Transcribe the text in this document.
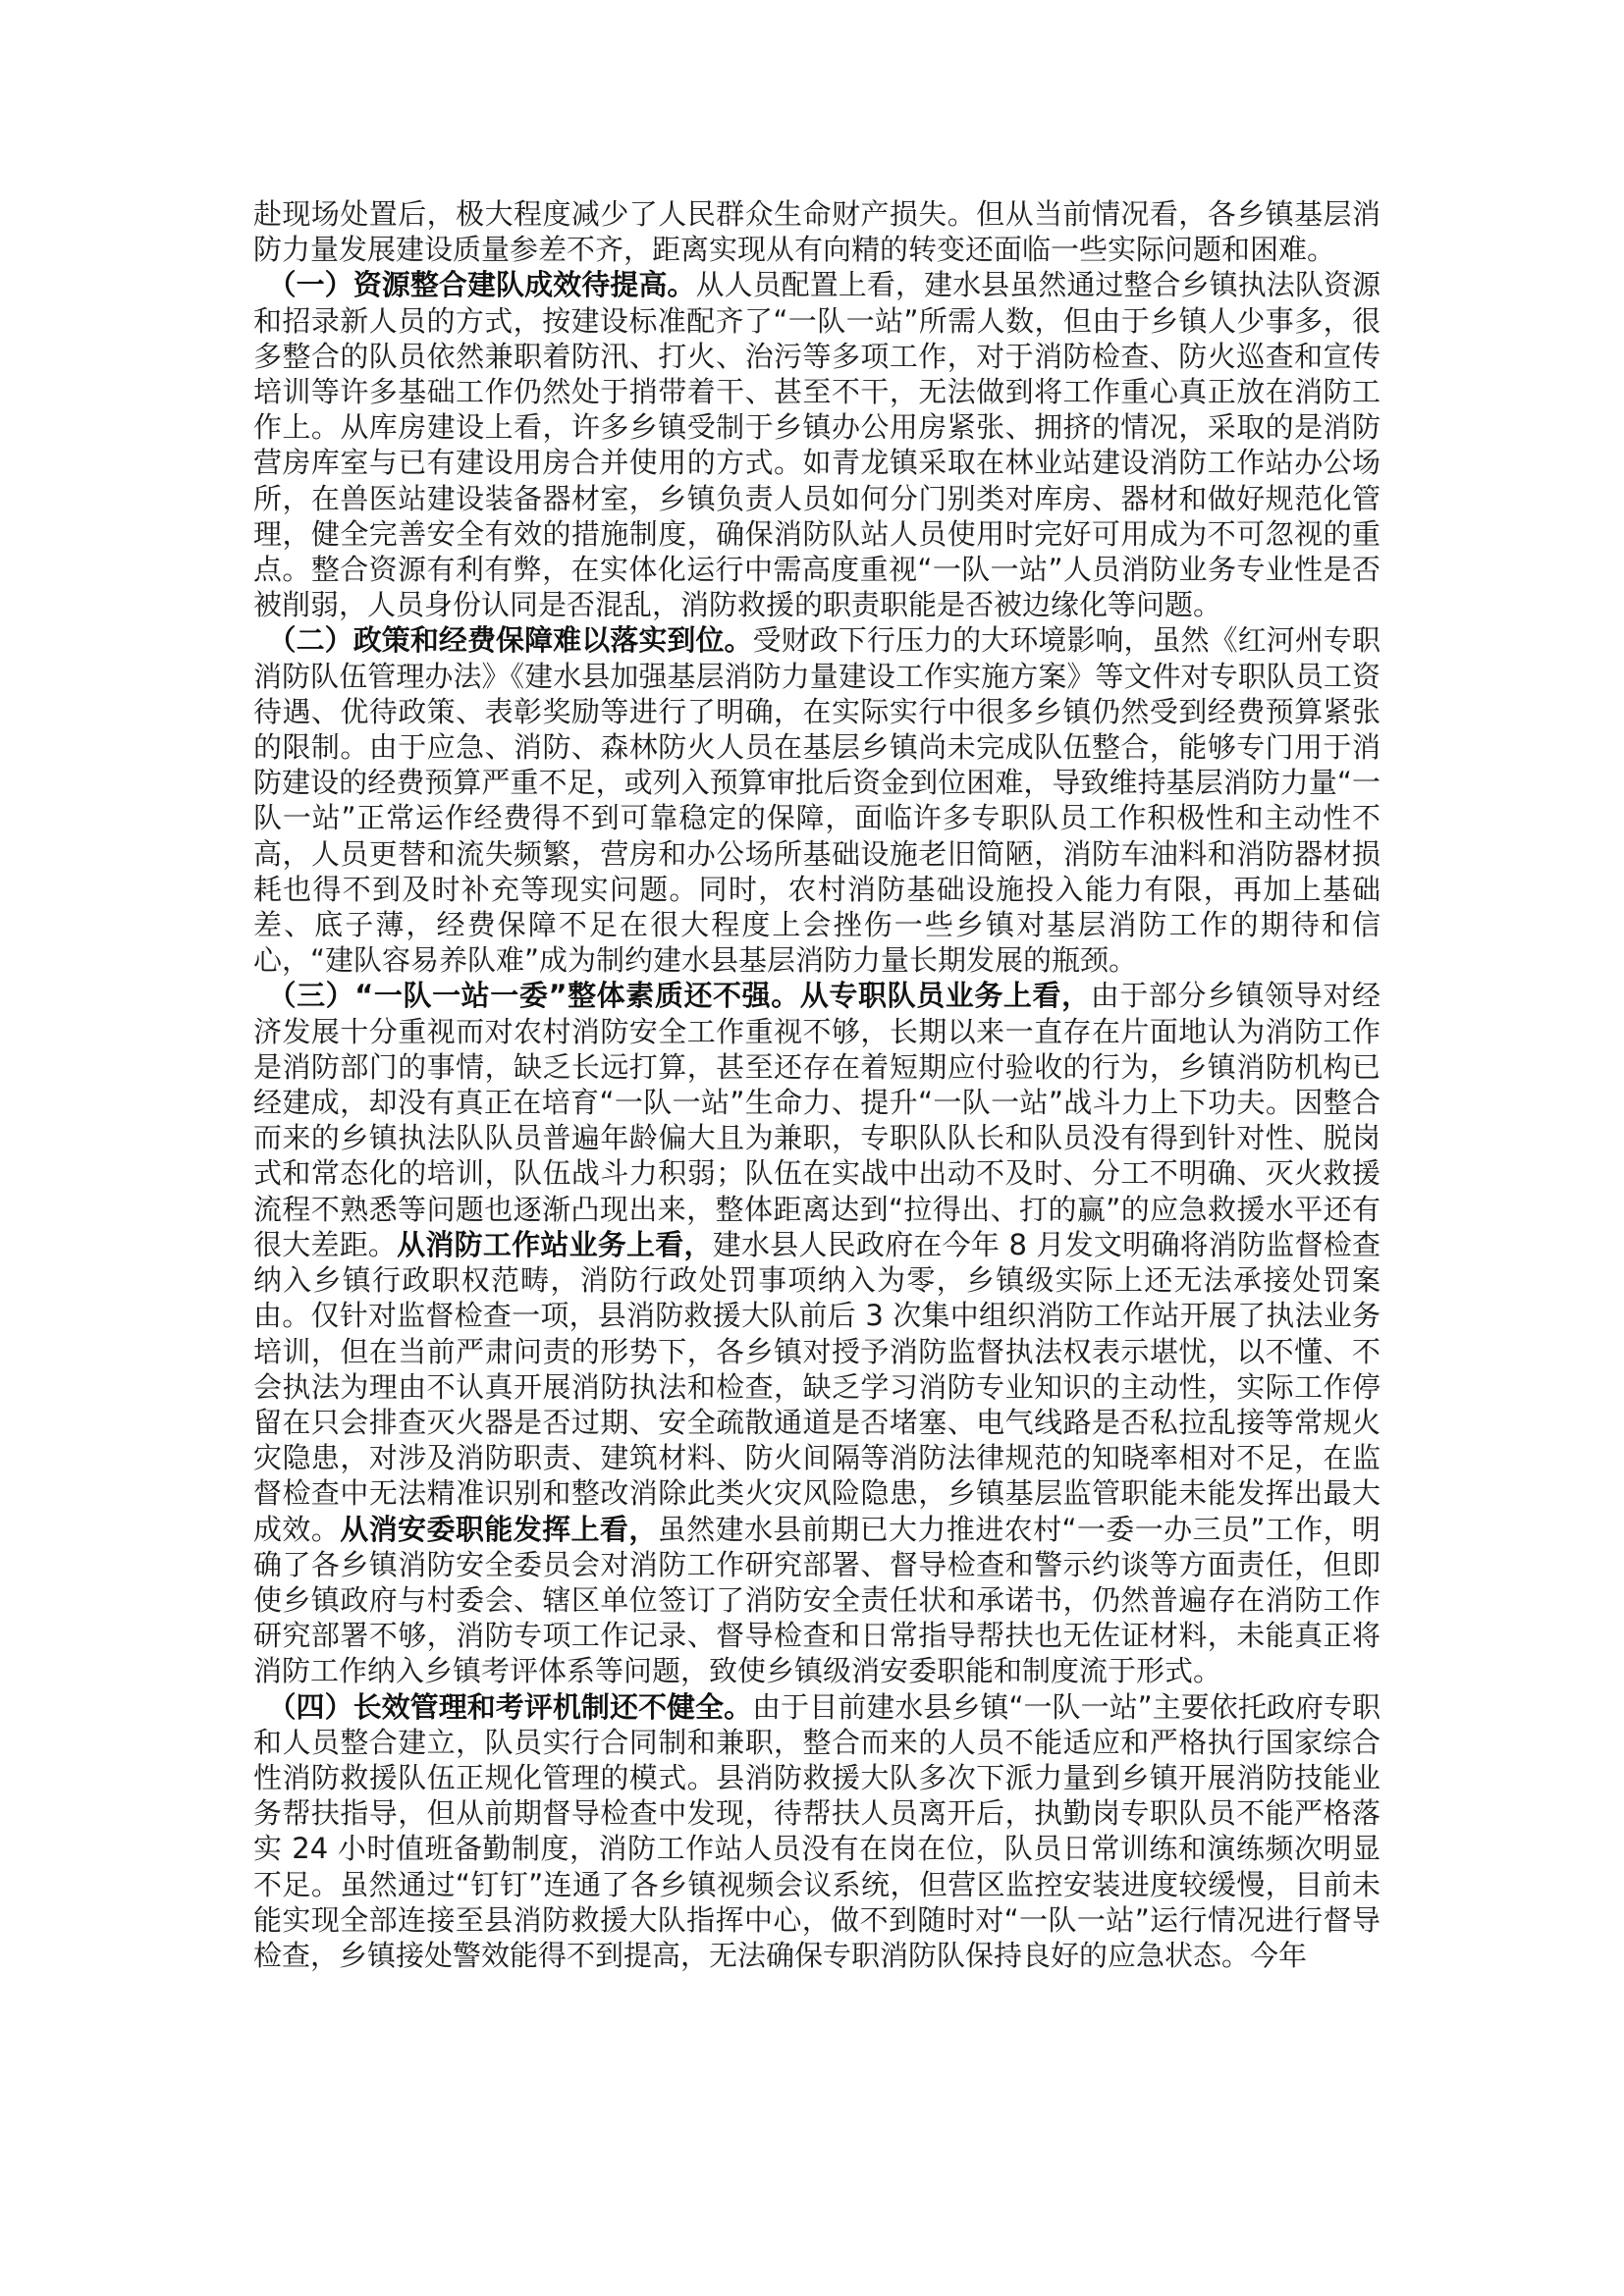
赴现场处置后，极大程度减少了人民群众生命财产损失。但从当前情况看，各乡镇基层消防力量发展建设质量参差不齐，距离实现从有向精的转变还面临一些实际问题和困难。
（一）资源整合建队成效待提高。从人员配置上看，建水县虽然通过整合乡镇执法队资源和招录新人员的方式，按建设标准配齐了“一队一站”所需人数，但由于乡镇人少事多，很多整合的队员依然兼职着防汛、打火、治污等多项工作，对于消防检查、防火巡查和宣传培训等许多基础工作仍然处于捎带着干、甚至不干，无法做到将工作重心真正放在消防工作上。从库房建设上看，许多乡镇受制于乡镇办公用房紧张、拥挤的情况，采取的是消防营房库室与已有建设用房合并使用的方式。如青龙镇采取在林业站建设消防工作站办公场所，在兽医站建设装备器材室，乡镇负责人员如何分门别类对库房、器材和做好规范化管理，健全完善安全有效的措施制度，确保消防队站人员使用时完好可用成为不可忽视的重点。整合资源有利有弊，在实体化运行中需高度重视“一队一站”人员消防业务专业性是否被削弱，人员身份认同是否混乱，消防救援的职责职能是否被边缘化等问题。
（二）政策和经费保障难以落实到位。受财政下行压力的大环境影响，虽然《红河州专职消防队伍管理办法》《建水县加强基层消防力量建设工作实施方案》等文件对专职队员工资待遇、优待政策、表彰奖励等进行了明确，在实际实行中很多乡镇仍然受到经费预算紧张的限制。由于应急、消防、森林防火人员在基层乡镇尚未完成队伍整合，能够专门用于消防建设的经费预算严重不足，或列入预算审批后资金到位困难，导致维持基层消防力量“一队一站”正常运作经费得不到可靠稳定的保障，面临许多专职队员工作积极性和主动性不高，人员更替和流失频繁，营房和办公场所基础设施老旧简陋，消防车油料和消防器材损耗也得不到及时补充等现实问题。同时，农村消防基础设施投入能力有限，再加上基础差、底子薄，经费保障不足在很大程度上会挫伤一些乡镇对基层消防工作的期待和信心，“建队容易养队难”成为制约建水县基层消防力量长期发展的瓶颈。
（三）“一队一站一委”整体素质还不强。从专职队员业务上看，由于部分乡镇领导对经济发展十分重视而对农村消防安全工作重视不够，长期以来一直存在片面地认为消防工作是消防部门的事情，缺乏长远打算，甚至还存在着短期应付验收的行为，乡镇消防机构已经建成，却没有真正在培育“一队一站”生命力、提升“一队一站”战斗力上下功夫。因整合而来的乡镇执法队队员普遍年龄偏大且为兼职，专职队队长和队员没有得到针对性、脱岗式和常态化的培训，队伍战斗力积弱；队伍在实战中出动不及时、分工不明确、灭火救援流程不熟悉等问题也逐渐凸现出来，整体距离达到“拉得出、打的赢”的应急救援水平还有很大差距。从消防工作站业务上看，建水县人民政府在今年 8 月发文明确将消防监督检查纳入乡镇行政职权范畴，消防行政处罚事项纳入为零，乡镇级实际上还无法承接处罚案由。仅针对监督检查一项，县消防救援大队前后 3 次集中组织消防工作站开展了执法业务培训，但在当前严肃问责的形势下，各乡镇对授予消防监督执法权表示堪忧，以不懂、不会执法为理由不认真开展消防执法和检查，缺乏学习消防专业知识的主动性，实际工作停留在只会排查灭火器是否过期、安全疏散通道是否堵塞、电气线路是否私拉乱接等常规火灾隐患，对涉及消防职责、建筑材料、防火间隔等消防法律规范的知晓率相对不足，在监督检查中无法精准识别和整改消除此类火灾风险隐患，乡镇基层监管职能未能发挥出最大成效。从消安委职能发挥上看，虽然建水县前期已大力推进农村“一委一办三员”工作，明确了各乡镇消防安全委员会对消防工作研究部署、督导检查和警示约谈等方面责任，但即使乡镇政府与村委会、辖区单位签订了消防安全责任状和承诺书，仍然普遍存在消防工作研究部署不够，消防专项工作记录、督导检查和日常指导帮扶也无佐证材料，未能真正将消防工作纳入乡镇考评体系等问题，致使乡镇级消安委职能和制度流于形式。
（四）长效管理和考评机制还不健全。由于目前建水县乡镇“一队一站”主要依托政府专职和人员整合建立，队员实行合同制和兼职，整合而来的人员不能适应和严格执行国家综合性消防救援队伍正规化管理的模式。县消防救援大队多次下派力量到乡镇开展消防技能业务帮扶指导，但从前期督导检查中发现，待帮扶人员离开后，执勤岗专职队员不能严格落实 24 小时值班备勤制度，消防工作站人员没有在岗在位，队员日常训练和演练频次明显不足。虽然通过“钉钉”连通了各乡镇视频会议系统，但营区监控安装进度较缓慢，目前未能实现全部连接至县消防救援大队指挥中心，做不到随时对“一队一站”运行情况进行督导检查，乡镇接处警效能得不到提高，无法确保专职消防队保持良好的应急状态。今年
